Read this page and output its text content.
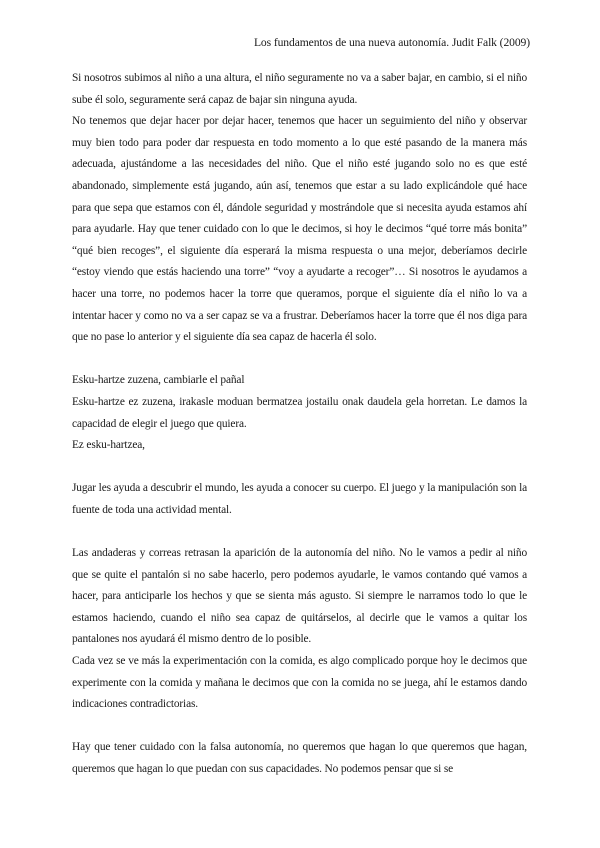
Los fundamentos de una nueva autonomía. Judit Falk (2009)

Si nosotros subimos al niño a una altura, el niño seguramente no va a saber bajar, en cambio, si el niño sube él solo, seguramente será capaz de bajar sin ninguna ayuda.

No tenemos que dejar hacer por dejar hacer, tenemos que hacer un seguimiento del niño y observar muy bien todo para poder dar respuesta en todo momento a lo que esté pasando de la manera más adecuada, ajustándome a las necesidades del niño. Que el niño esté jugando solo no es que esté abandonado, simplemente está jugando, aún así, tenemos que estar a su lado explicándole qué hace para que sepa que estamos con él, dándole seguridad y mostrándole que si necesita ayuda estamos ahí para ayudarle. Hay que tener cuidado con lo que le decimos, si hoy le decimos “qué torre más bonita” “qué bien recoges”, el siguiente día esperará la misma respuesta o una mejor, deberíamos decirle “estoy viendo que estás haciendo una torre” “voy a ayudarte a recoger”… Si nosotros le ayudamos a hacer una torre, no podemos hacer la torre que queramos, porque el siguiente día el niño lo va a intentar hacer y como no va a ser capaz se va a frustrar. Deberíamos hacer la torre que él nos diga para que no pase lo anterior y el siguiente día sea capaz de hacerla él solo.

Esku-hartze zuzena, cambiarle el pañal

Esku-hartze ez zuzena, irakasle moduan bermatzea jostailu onak daudela gela horretan. Le damos la capacidad de elegir el juego que quiera.

Ez esku-hartzea,

Jugar les ayuda a descubrir el mundo, les ayuda a conocer su cuerpo. El juego y la manipulación son la fuente de toda una actividad mental.

Las andaderas y correas retrasan la aparición de la autonomía del niño. No le vamos a pedir al niño que se quite el pantalón si no sabe hacerlo, pero podemos ayudarle, le vamos contando qué vamos a hacer, para anticiparle los hechos y que se sienta más agusto. Si siempre le narramos todo lo que le estamos haciendo, cuando el niño sea capaz de quitárselos, al decirle que le vamos a quitar los pantalones nos ayudará él mismo dentro de lo posible.

Cada vez se ve más la experimentación con la comida, es algo complicado porque hoy le decimos que experimente con la comida y mañana le decimos que con la comida no se juega, ahí le estamos dando indicaciones contradictorias.

Hay que tener cuidado con la falsa autonomía, no queremos que hagan lo que queremos que hagan, queremos que hagan lo que puedan con sus capacidades. No podemos pensar que si se
